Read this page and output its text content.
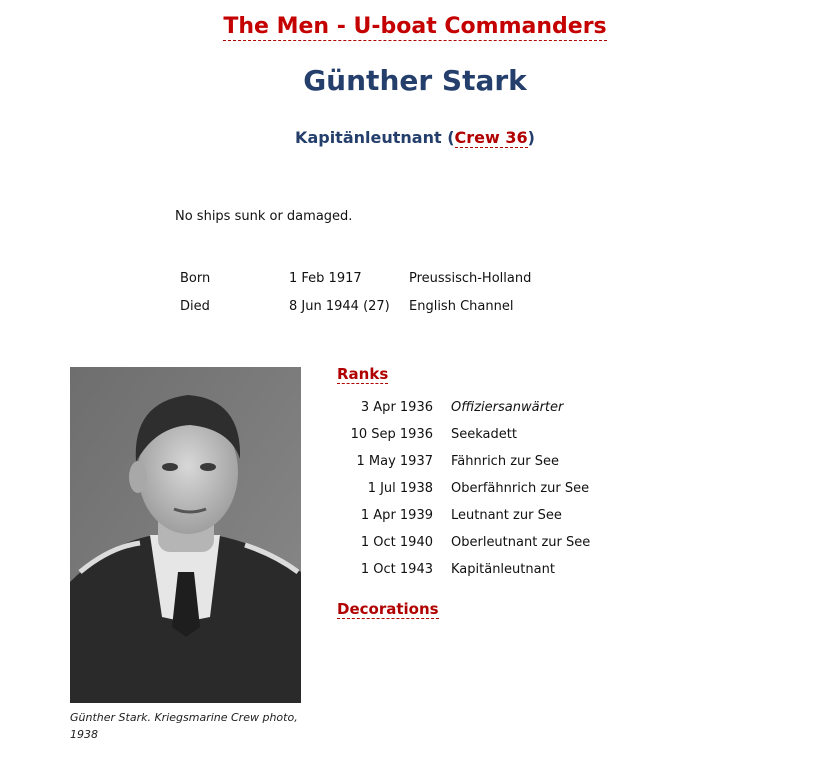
The Men - U-boat Commanders
Günther Stark
Kapitänleutnant (Crew 36)
No ships sunk or damaged.
Born	1 Feb 1917	Preussisch-Holland
Died	8 Jun 1944 (27)	English Channel
Günther Stark. Kriegsmarine Crew photo, 1938
Ranks
3 Apr 1936	Offiziersanwärter
10 Sep 1936	Seekadett
1 May 1937	Fähnrich zur See
1 Jul 1938	Oberfähnrich zur See
1 Apr 1939	Leutnant zur See
1 Oct 1940	Oberleutnant zur See
1 Oct 1943	Kapitänleutnant
Decorations
